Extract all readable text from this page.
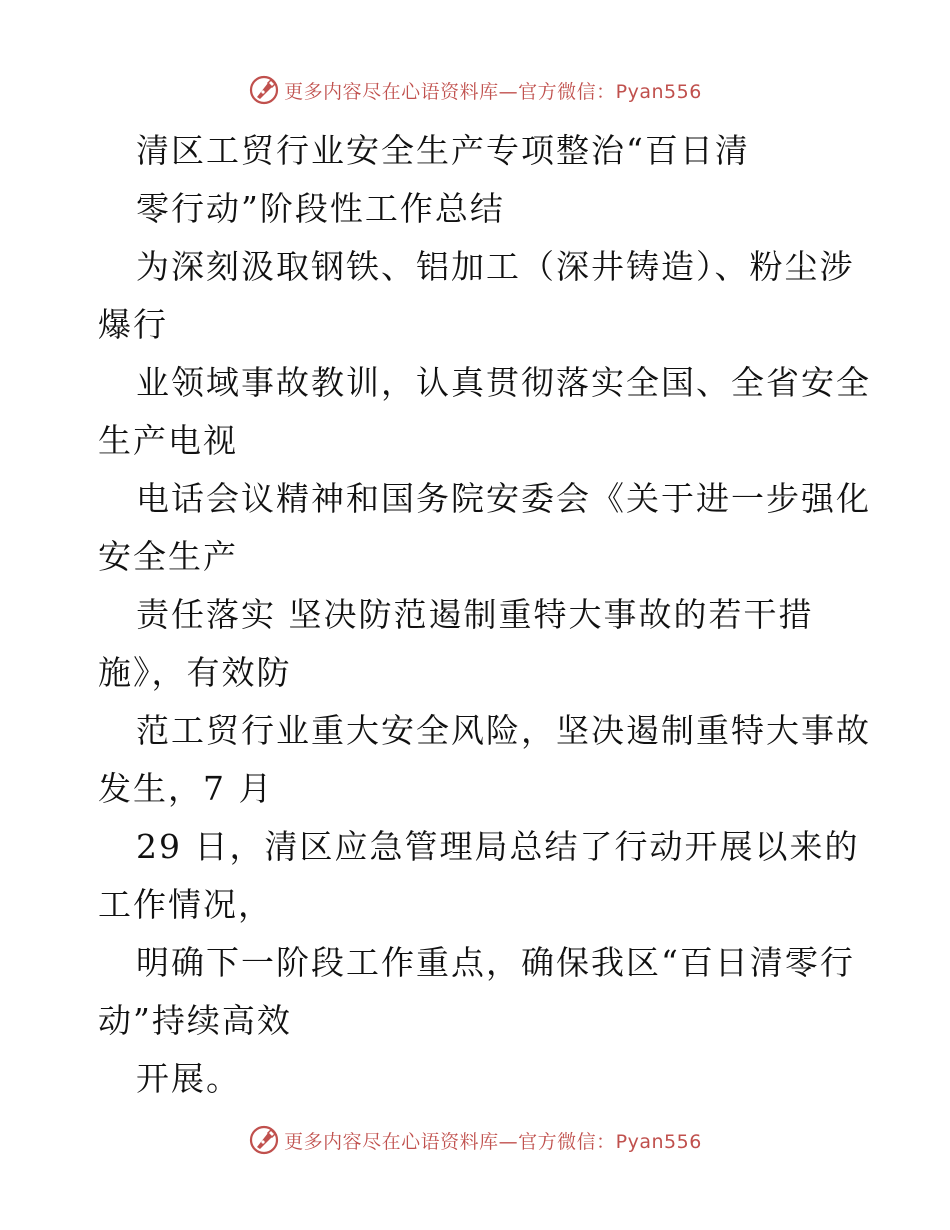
更多内容尽在心语资料库—官方微信：Pyan556
清区工贸行业安全生产专项整治“百日清
零行动”阶段性工作总结
为深刻汲取钢铁、铝加工（深井铸造）、粉尘涉
爆行
业领域事故教训，认真贯彻落实全国、全省安全
生产电视
电话会议精神和国务院安委会《关于进一步强化
安全生产
责任落实 坚决防范遏制重特大事故的若干措
施》，有效防
范工贸行业重大安全风险，坚决遏制重特大事故
发生，7 月
29 日，清区应急管理局总结了行动开展以来的
工作情况，
明确下一阶段工作重点，确保我区“百日清零行
动”持续高效
开展。
更多内容尽在心语资料库—官方微信：Pyan556
